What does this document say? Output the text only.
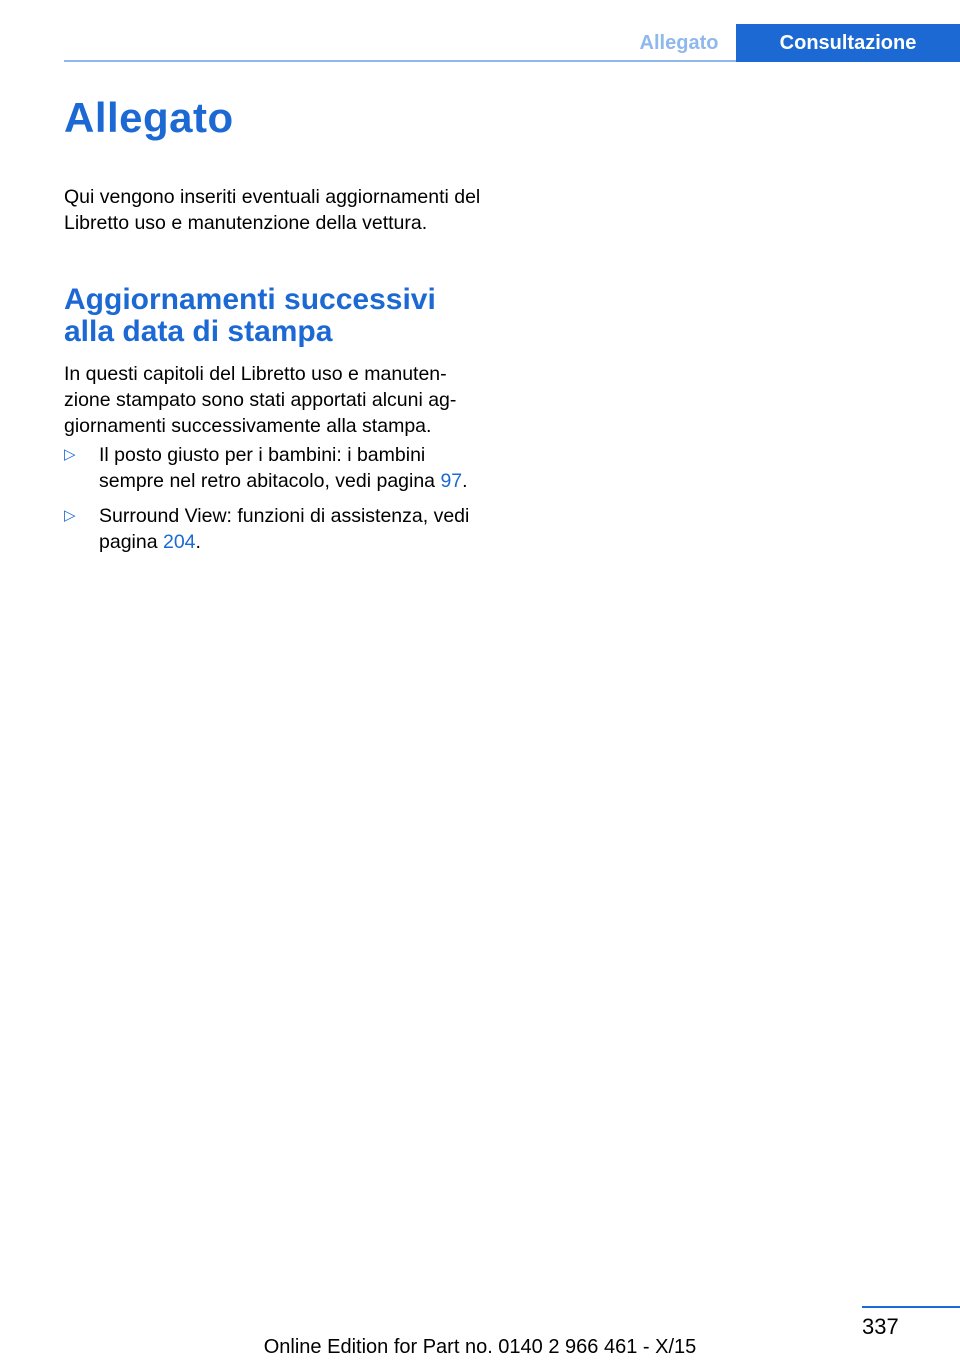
Allegato	Consultazione
Allegato

Qui vengono inseriti eventuali aggiornamenti del Libretto uso e manutenzione della vettura.

Aggiornamenti successivi alla data di stampa

In questi capitoli del Libretto uso e manutenzione stampato sono stati apportati alcuni aggiornamenti successivamente alla stampa.

▷ Il posto giusto per i bambini: i bambini sempre nel retro abitacolo, vedi pagina 97.
▷ Surround View: funzioni di assistenza, vedi pagina 204.
337
Online Edition for Part no. 0140 2 966 461 - X/15
